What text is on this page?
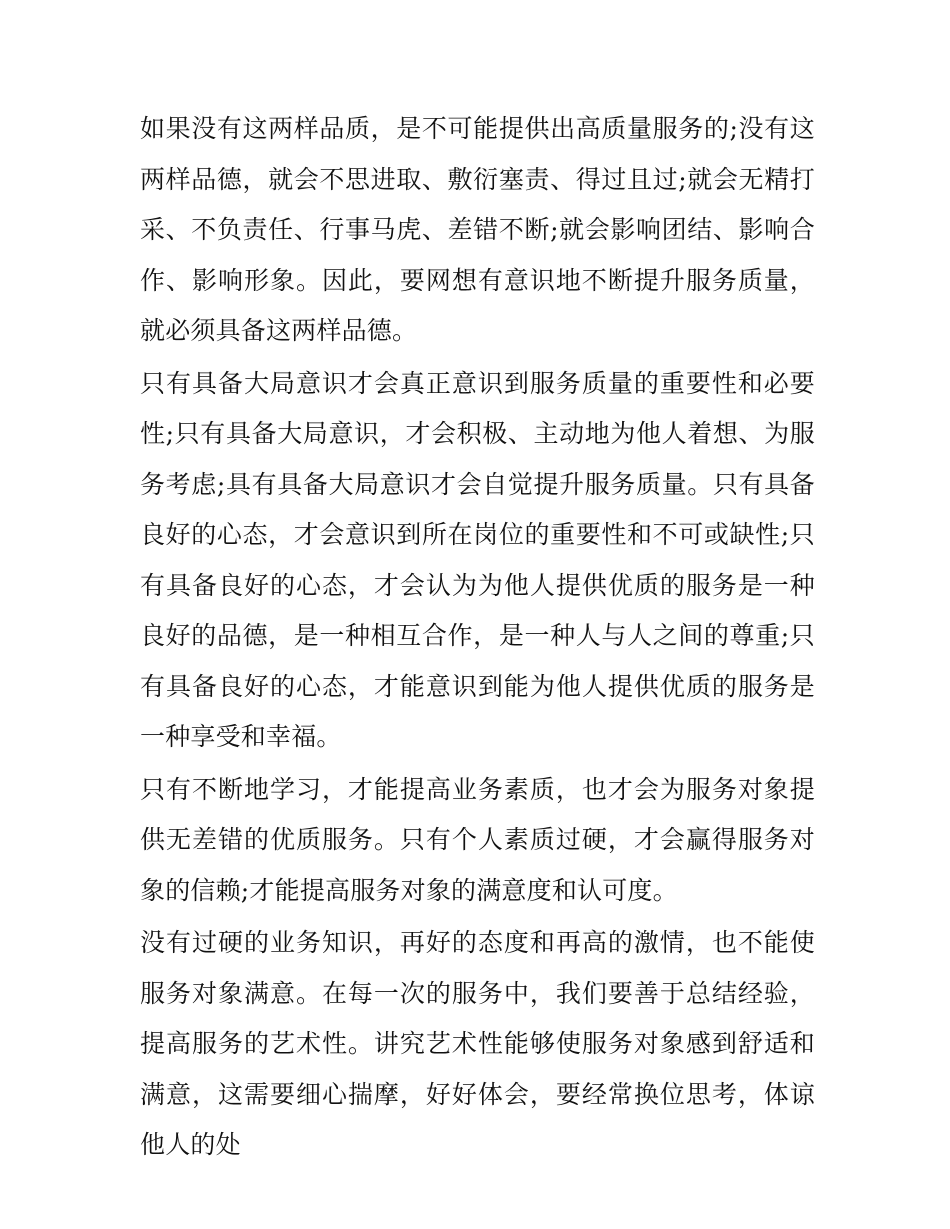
如果没有这两样品质，是不可能提供出高质量服务的;没有这两样品德，就会不思进取、敷衍塞责、得过且过;就会无精打采、不负责任、行事马虎、差错不断;就会影响团结、影响合作、影响形象。因此，要网想有意识地不断提升服务质量，就必须具备这两样品德。

只有具备大局意识才会真正意识到服务质量的重要性和必要性;只有具备大局意识，才会积极、主动地为他人着想、为服务考虑;具有具备大局意识才会自觉提升服务质量。只有具备良好的心态，才会意识到所在岗位的重要性和不可或缺性;只有具备良好的心态，才会认为为他人提供优质的服务是一种良好的品德，是一种相互合作，是一种人与人之间的尊重;只有具备良好的心态，才能意识到能为他人提供优质的服务是一种享受和幸福。

只有不断地学习，才能提高业务素质，也才会为服务对象提供无差错的优质服务。只有个人素质过硬，才会赢得服务对象的信赖;才能提高服务对象的满意度和认可度。

没有过硬的业务知识，再好的态度和再高的激情，也不能使服务对象满意。在每一次的服务中，我们要善于总结经验，提高服务的艺术性。讲究艺术性能够使服务对象感到舒适和满意，这需要细心揣摩，好好体会，要经常换位思考，体谅他人的处
